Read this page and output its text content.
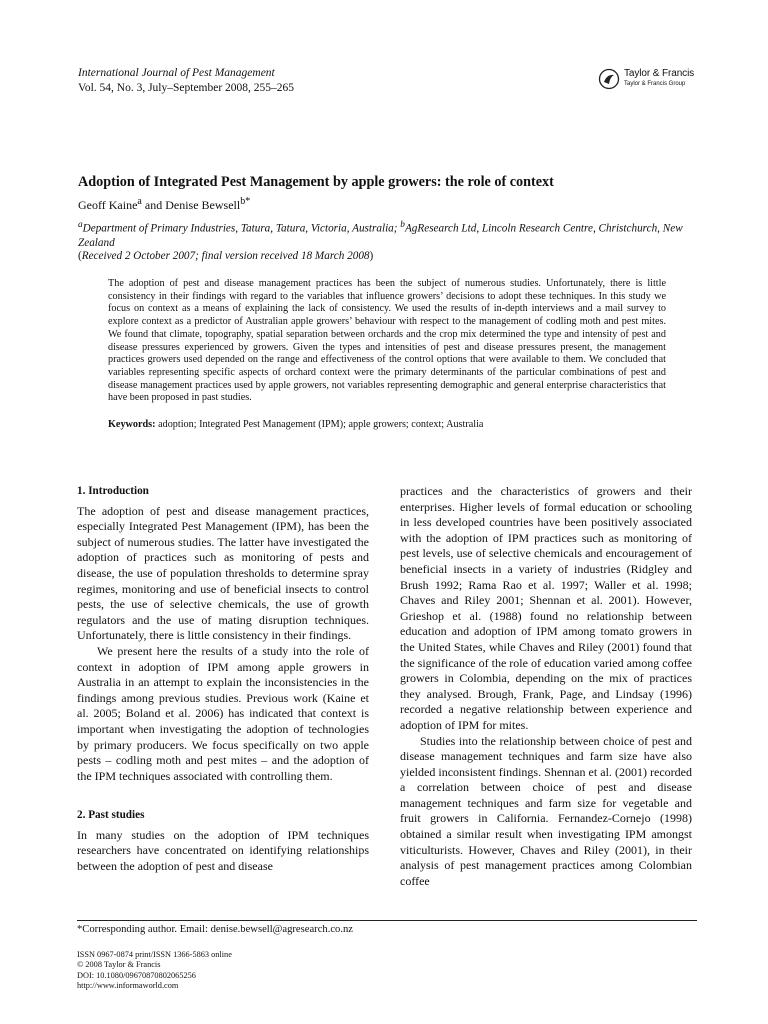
International Journal of Pest Management
Vol. 54, No. 3, July–September 2008, 255–265
Taylor & Francis
Taylor & Francis Group
Adoption of Integrated Pest Management by apple growers: the role of context
Geoff Kaine$^a$ and Denise Bewsell$^{b*}$
$^a$Department of Primary Industries, Tatura, Tatura, Victoria, Australia; $^b$AgResearch Ltd, Lincoln Research Centre, Christchurch, New Zealand
(Received 2 October 2007; final version received 18 March 2008)
The adoption of pest and disease management practices has been the subject of numerous studies. Unfortunately, there is little consistency in their findings with regard to the variables that influence growers’ decisions to adopt these techniques. In this study we focus on context as a means of explaining the lack of consistency. We used the results of in-depth interviews and a mail survey to explore context as a predictor of Australian apple growers’ behaviour with respect to the management of codling moth and pest mites. We found that climate, topography, spatial separation between orchards and the crop mix determined the type and intensity of pest and disease pressures experienced by growers. Given the types and intensities of pest and disease pressures present, the management practices growers used depended on the range and effectiveness of the control options that were available to them. We concluded that variables representing specific aspects of orchard context were the primary determinants of the particular combinations of pest and disease management practices used by apple growers, not variables representing demographic and general enterprise characteristics that have been proposed in past studies.
Keywords: adoption; Integrated Pest Management (IPM); apple growers; context; Australia
1. Introduction

The adoption of pest and disease management practices, especially Integrated Pest Management (IPM), has been the subject of numerous studies. The latter have investigated the adoption of practices such as monitoring of pests and disease, the use of population thresholds to determine spray regimes, monitoring and use of beneficial insects to control pests, the use of selective chemicals, the use of growth regulators and the use of mating disruption techniques. Unfortunately, there is little consistency in their findings.

We present here the results of a study into the role of context in adoption of IPM among apple growers in Australia in an attempt to explain the inconsistencies in the findings among previous studies. Previous work (Kaine et al. 2005; Boland et al. 2006) has indicated that context is important when investigating the adoption of technologies by primary producers. We focus specifically on two apple pests – codling moth and pest mites – and the adoption of the IPM techniques associated with controlling them.

2. Past studies

In many studies on the adoption of IPM techniques researchers have concentrated on identifying relationships between the adoption of pest and disease

practices and the characteristics of growers and their enterprises. Higher levels of formal education or schooling in less developed countries have been positively associated with the adoption of IPM practices such as monitoring of pest levels, use of selective chemicals and encouragement of beneficial insects in a variety of industries (Ridgley and Brush 1992; Rama Rao et al. 1997; Waller et al. 1998; Chaves and Riley 2001; Shennan et al. 2001). However, Grieshop et al. (1988) found no relationship between education and adoption of IPM among tomato growers in the United States, while Chaves and Riley (2001) found that the significance of the role of education varied among coffee growers in Colombia, depending on the mix of practices they analysed. Brough, Frank, Page, and Lindsay (1996) recorded a negative relationship between experience and adoption of IPM for mites.

Studies into the relationship between choice of pest and disease management techniques and farm size have also yielded inconsistent findings. Shennan et al. (2001) recorded a correlation between choice of pest and disease management techniques and farm size for vegetable and fruit growers in California. Fernandez-Cornejo (1998) obtained a similar result when investigating IPM amongst viticulturists. However, Chaves and Riley (2001), in their analysis of pest management practices among Colombian coffee

*Corresponding author. Email: denise.bewsell@agresearch.co.nz
ISSN 0967-0874 print/ISSN 1366-5863 online
© 2008 Taylor & Francis
DOI: 10.1080/09670870802065256
http://www.informaworld.com
